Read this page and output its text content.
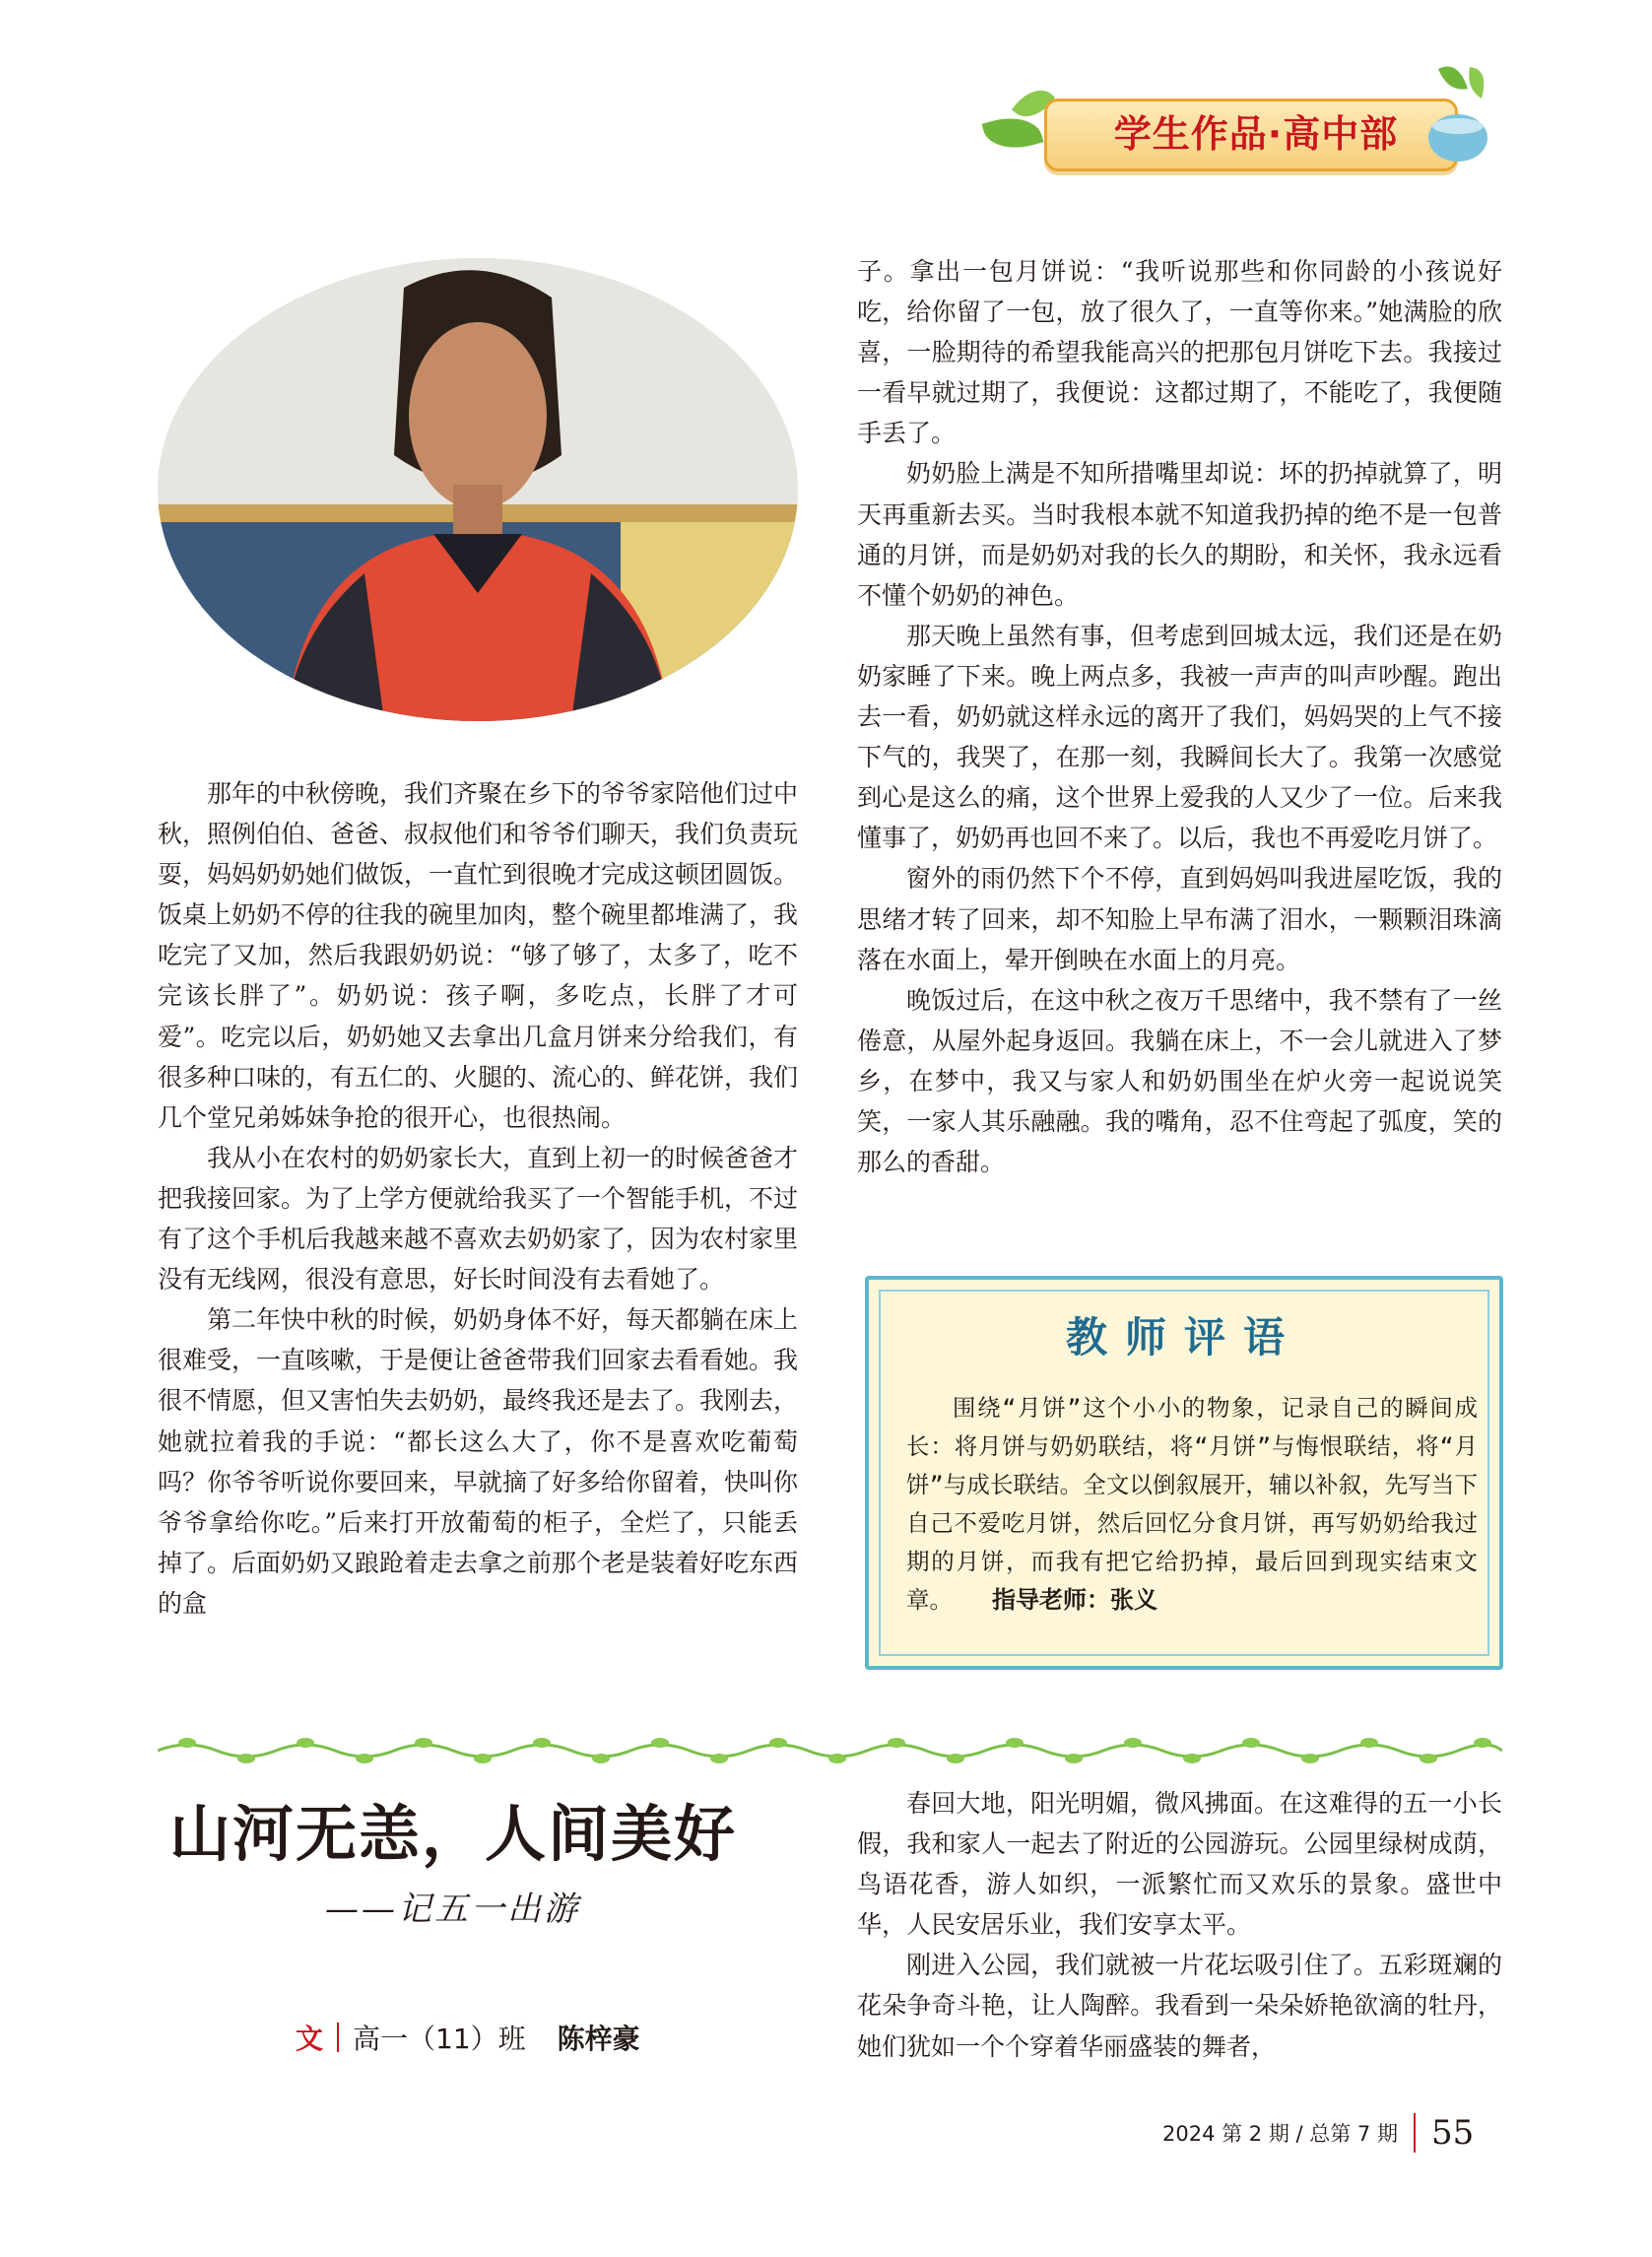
学生作品·高中部

那年的中秋傍晚，我们齐聚在乡下的爷爷家陪他们过中秋，照例伯伯、爸爸、叔叔他们和爷爷们聊天，我们负责玩耍，妈妈奶奶她们做饭，一直忙到很晚才完成这顿团圆饭。饭桌上奶奶不停的往我的碗里加肉，整个碗里都堆满了，我吃完了又加，然后我跟奶奶说：“够了够了，太多了，吃不完该长胖了”。奶奶说：孩子啊，多吃点，长胖了才可爱”。吃完以后，奶奶她又去拿出几盒月饼来分给我们，有很多种口味的，有五仁的、火腿的、流心的、鲜花饼，我们几个堂兄弟姊妹争抢的很开心，也很热闹。

我从小在农村的奶奶家长大，直到上初一的时候爸爸才把我接回家。为了上学方便就给我买了一个智能手机，不过有了这个手机后我越来越不喜欢去奶奶家了，因为农村家里没有无线网，很没有意思，好长时间没有去看她了。

第二年快中秋的时候，奶奶身体不好，每天都躺在床上很难受，一直咳嗽，于是便让爸爸带我们回家去看看她。我很不情愿，但又害怕失去奶奶，最终我还是去了。我刚去，她就拉着我的手说：“都长这么大了，你不是喜欢吃葡萄吗？你爷爷听说你要回来，早就摘了好多给你留着，快叫你爷爷拿给你吃。”后来打开放葡萄的柜子，全烂了，只能丢掉了。后面奶奶又踉跄着走去拿之前那个老是装着好吃东西的盒

子。拿出一包月饼说：“我听说那些和你同龄的小孩说好吃，给你留了一包，放了很久了，一直等你来。”她满脸的欣喜，一脸期待的希望我能高兴的把那包月饼吃下去。我接过一看早就过期了，我便说：这都过期了，不能吃了，我便随手丢了。

奶奶脸上满是不知所措嘴里却说：坏的扔掉就算了，明天再重新去买。当时我根本就不知道我扔掉的绝不是一包普通的月饼，而是奶奶对我的长久的期盼，和关怀，我永远看不懂个奶奶的神色。

那天晚上虽然有事，但考虑到回城太远，我们还是在奶奶家睡了下来。晚上两点多，我被一声声的叫声吵醒。跑出去一看，奶奶就这样永远的离开了我们，妈妈哭的上气不接下气的，我哭了，在那一刻，我瞬间长大了。我第一次感觉到心是这么的痛，这个世界上爱我的人又少了一位。后来我懂事了，奶奶再也回不来了。以后，我也不再爱吃月饼了。

窗外的雨仍然下个不停，直到妈妈叫我进屋吃饭，我的思绪才转了回来，却不知脸上早布满了泪水，一颗颗泪珠滴落在水面上，晕开倒映在水面上的月亮。

晚饭过后，在这中秋之夜万千思绪中，我不禁有了一丝倦意，从屋外起身返回。我躺在床上，不一会儿就进入了梦乡，在梦中，我又与家人和奶奶围坐在炉火旁一起说说笑笑，一家人其乐融融。我的嘴角，忍不住弯起了弧度，笑的那么的香甜。

教师评语

围绕“月饼”这个小小的物象，记录自己的瞬间成长：将月饼与奶奶联结，将“月饼”与悔恨联结，将“月饼”与成长联结。全文以倒叙展开，辅以补叙，先写当下自己不爱吃月饼，然后回忆分食月饼，再写奶奶给我过期的月饼，而我有把它给扔掉，最后回到现实结束文章。 指导老师：张义

山河无恙，人间美好
——记五一出游
文 高一（11）班 陈梓豪

春回大地，阳光明媚，微风拂面。在这难得的五一小长假，我和家人一起去了附近的公园游玩。公园里绿树成荫，鸟语花香，游人如织，一派繁忙而又欢乐的景象。盛世中华，人民安居乐业，我们安享太平。

刚进入公园，我们就被一片花坛吸引住了。五彩斑斓的花朵争奇斗艳，让人陶醉。我看到一朵朵娇艳欲滴的牡丹，她们犹如一个个穿着华丽盛装的舞者，

2024 第 2 期 / 总第 7 期 55
